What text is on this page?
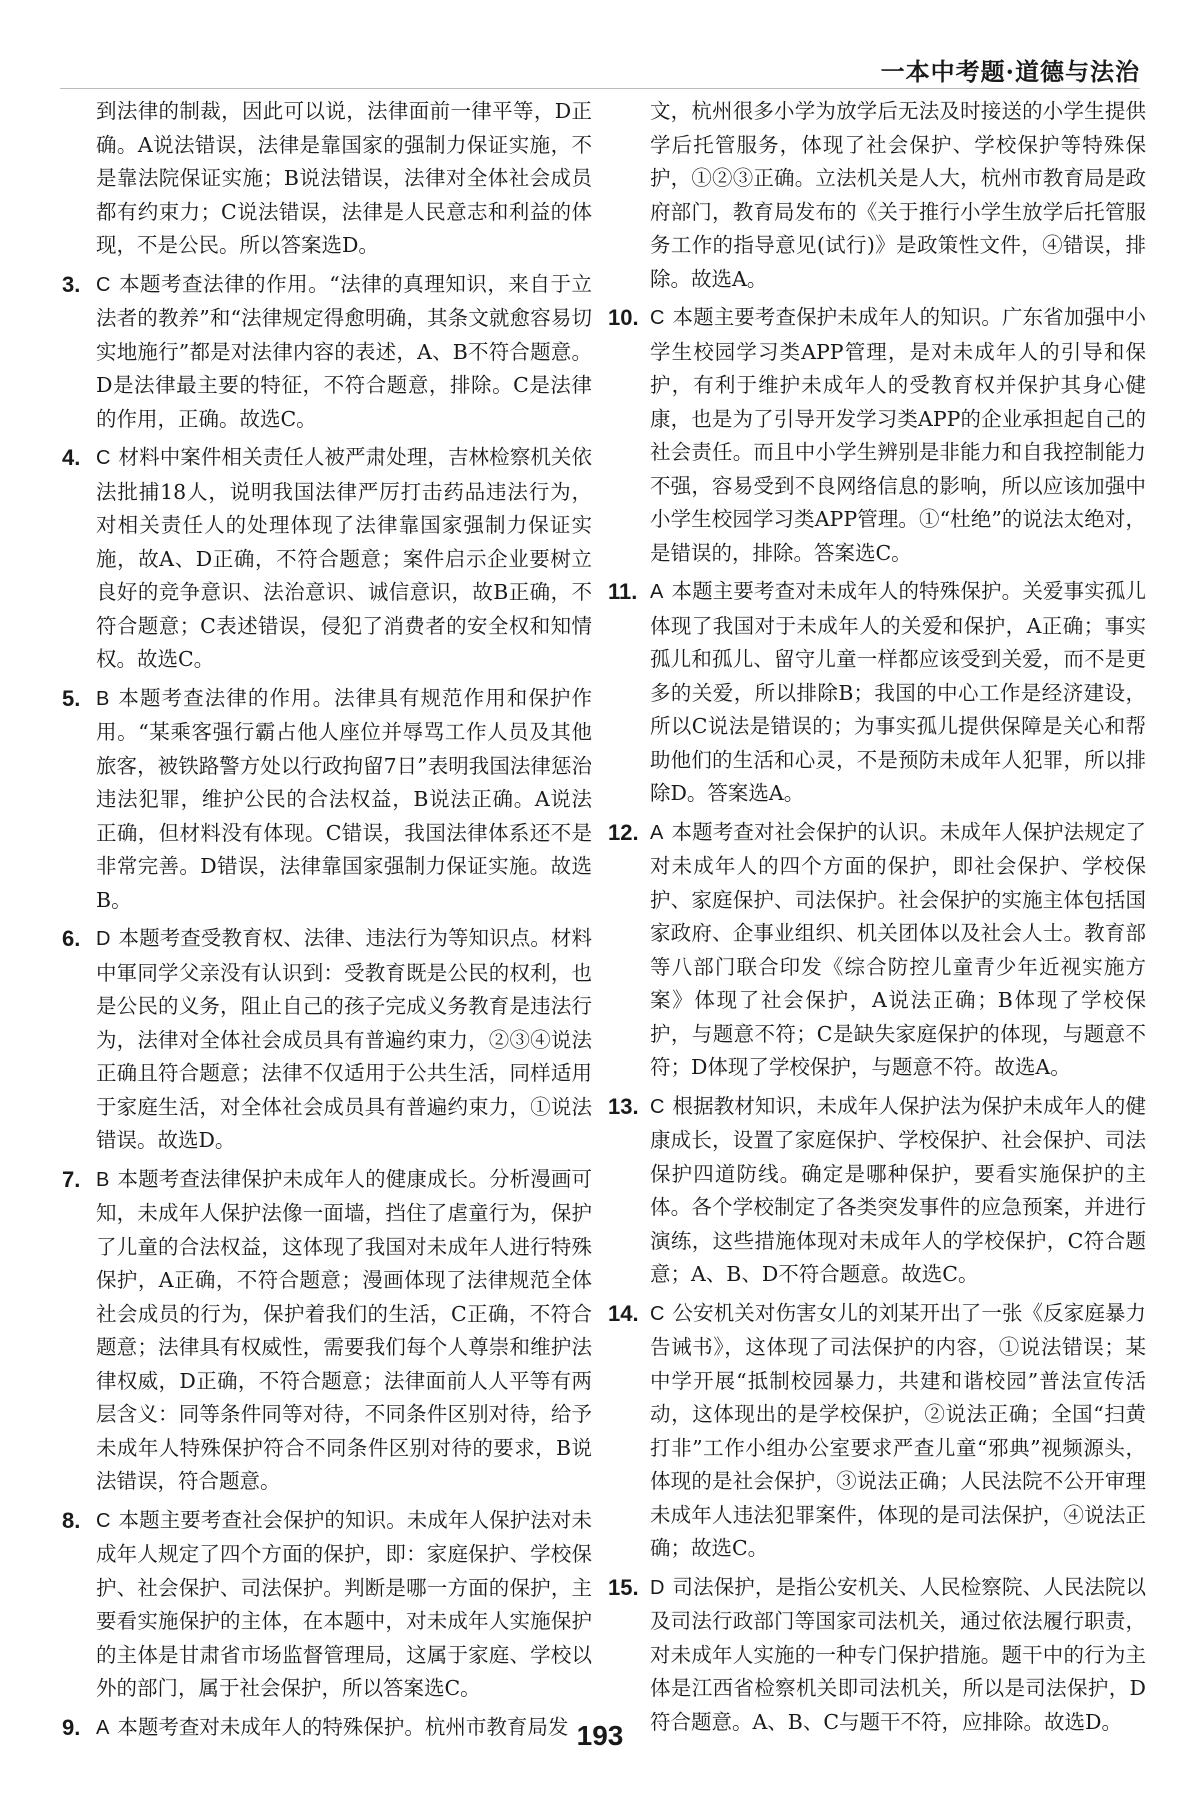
一本中考题·道德与法治

到法律的制裁，因此可以说，法律面前一律平等，D正确。A说法错误，法律是靠国家的强制力保证实施，不是靠法院保证实施；B说法错误，法律对全体社会成员都有约束力；C说法错误，法律是人民意志和利益的体现，不是公民。所以答案选D。

3. C 本题考查法律的作用。“法律的真理知识，来自于立法者的教养”和“法律规定得愈明确，其条文就愈容易切实地施行”都是对法律内容的表述，A、B不符合题意。D是法律最主要的特征，不符合题意，排除。C是法律的作用，正确。故选C。

4. C 材料中案件相关责任人被严肃处理，吉林检察机关依法批捕18人，说明我国法律严厉打击药品违法行为，对相关责任人的处理体现了法律靠国家强制力保证实施，故A、D正确，不符合题意；案件启示企业要树立良好的竞争意识、法治意识、诚信意识，故B正确，不符合题意；C表述错误，侵犯了消费者的安全权和知情权。故选C。

5. B 本题考查法律的作用。法律具有规范作用和保护作用。“某乘客强行霸占他人座位并辱骂工作人员及其他旅客，被铁路警方处以行政拘留7日”表明我国法律惩治违法犯罪，维护公民的合法权益，B说法正确。A说法正确，但材料没有体现。C错误，我国法律体系还不是非常完善。D错误，法律靠国家强制力保证实施。故选B。

6. D 本题考查受教育权、法律、违法行为等知识点。材料中軍同学父亲没有认识到：受教育既是公民的权利，也是公民的义务，阻止自己的孩子完成义务教育是违法行为，法律对全体社会成员具有普遍约束力，②③④说法正确且符合题意；法律不仅适用于公共生活，同样适用于家庭生活，对全体社会成员具有普遍约束力，①说法错误。故选D。

7. B 本题考查法律保护未成年人的健康成长。分析漫画可知，未成年人保护法像一面墙，挡住了虐童行为，保护了儿童的合法权益，这体现了我国对未成年人进行特殊保护，A正确，不符合题意；漫画体现了法律规范全体社会成员的行为，保护着我们的生活，C正确，不符合题意；法律具有权威性，需要我们每个人尊崇和维护法律权威，D正确，不符合题意；法律面前人人平等有两层含义：同等条件同等对待，不同条件区别对待，给予未成年人特殊保护符合不同条件区别对待的要求，B说法错误，符合题意。

8. C 本题主要考查社会保护的知识。未成年人保护法对未成年人规定了四个方面的保护，即：家庭保护、学校保护、社会保护、司法保护。判断是哪一方面的保护，主要看实施保护的主体，在本题中，对未成年人实施保护的主体是甘肃省市场监督管理局，这属于家庭、学校以外的部门，属于社会保护，所以答案选C。

9. A 本题考查对未成年人的特殊保护。杭州市教育局发

文，杭州很多小学为放学后无法及时接送的小学生提供学后托管服务，体现了社会保护、学校保护等特殊保护，①②③正确。立法机关是人大，杭州市教育局是政府部门，教育局发布的《关于推行小学生放学后托管服务工作的指导意见(试行)》是政策性文件，④错误，排除。故选A。

10. C 本题主要考查保护未成年人的知识。广东省加强中小学生校园学习类APP管理，是对未成年人的引导和保护，有利于维护未成年人的受教育权并保护其身心健康，也是为了引导开发学习类APP的企业承担起自己的社会责任。而且中小学生辨别是非能力和自我控制能力不强，容易受到不良网络信息的影响，所以应该加强中小学生校园学习类APP管理。①“杜绝”的说法太绝对，是错误的，排除。答案选C。

11. A 本题主要考查对未成年人的特殊保护。关爱事实孤儿体现了我国对于未成年人的关爱和保护，A正确；事实孤儿和孤儿、留守儿童一样都应该受到关爱，而不是更多的关爱，所以排除B；我国的中心工作是经济建设，所以C说法是错误的；为事实孤儿提供保障是关心和帮助他们的生活和心灵，不是预防未成年人犯罪，所以排除D。答案选A。

12. A 本题考查对社会保护的认识。未成年人保护法规定了对未成年人的四个方面的保护，即社会保护、学校保护、家庭保护、司法保护。社会保护的实施主体包括国家政府、企事业组织、机关团体以及社会人士。教育部等八部门联合印发《综合防控儿童青少年近视实施方案》体现了社会保护，A说法正确；B体现了学校保护，与题意不符；C是缺失家庭保护的体现，与题意不符；D体现了学校保护，与题意不符。故选A。

13. C 根据教材知识，未成年人保护法为保护未成年人的健康成长，设置了家庭保护、学校保护、社会保护、司法保护四道防线。确定是哪种保护，要看实施保护的主体。各个学校制定了各类突发事件的应急预案，并进行演练，这些措施体现对未成年人的学校保护，C符合题意；A、B、D不符合题意。故选C。

14. C 公安机关对伤害女儿的刘某开出了一张《反家庭暴力告诫书》，这体现了司法保护的内容，①说法错误；某中学开展“抵制校园暴力，共建和谐校园”普法宣传活动，这体现出的是学校保护，②说法正确；全国“扫黄打非”工作小组办公室要求严查儿童“邪典”视频源头，体现的是社会保护，③说法正确；人民法院不公开审理未成年人违法犯罪案件，体现的是司法保护，④说法正确；故选C。

15. D 司法保护，是指公安机关、人民检察院、人民法院以及司法行政部门等国家司法机关，通过依法履行职责，对未成年人实施的一种专门保护措施。题干中的行为主体是江西省检察机关即司法机关，所以是司法保护，D符合题意。A、B、C与题干不符，应排除。故选D。

193
